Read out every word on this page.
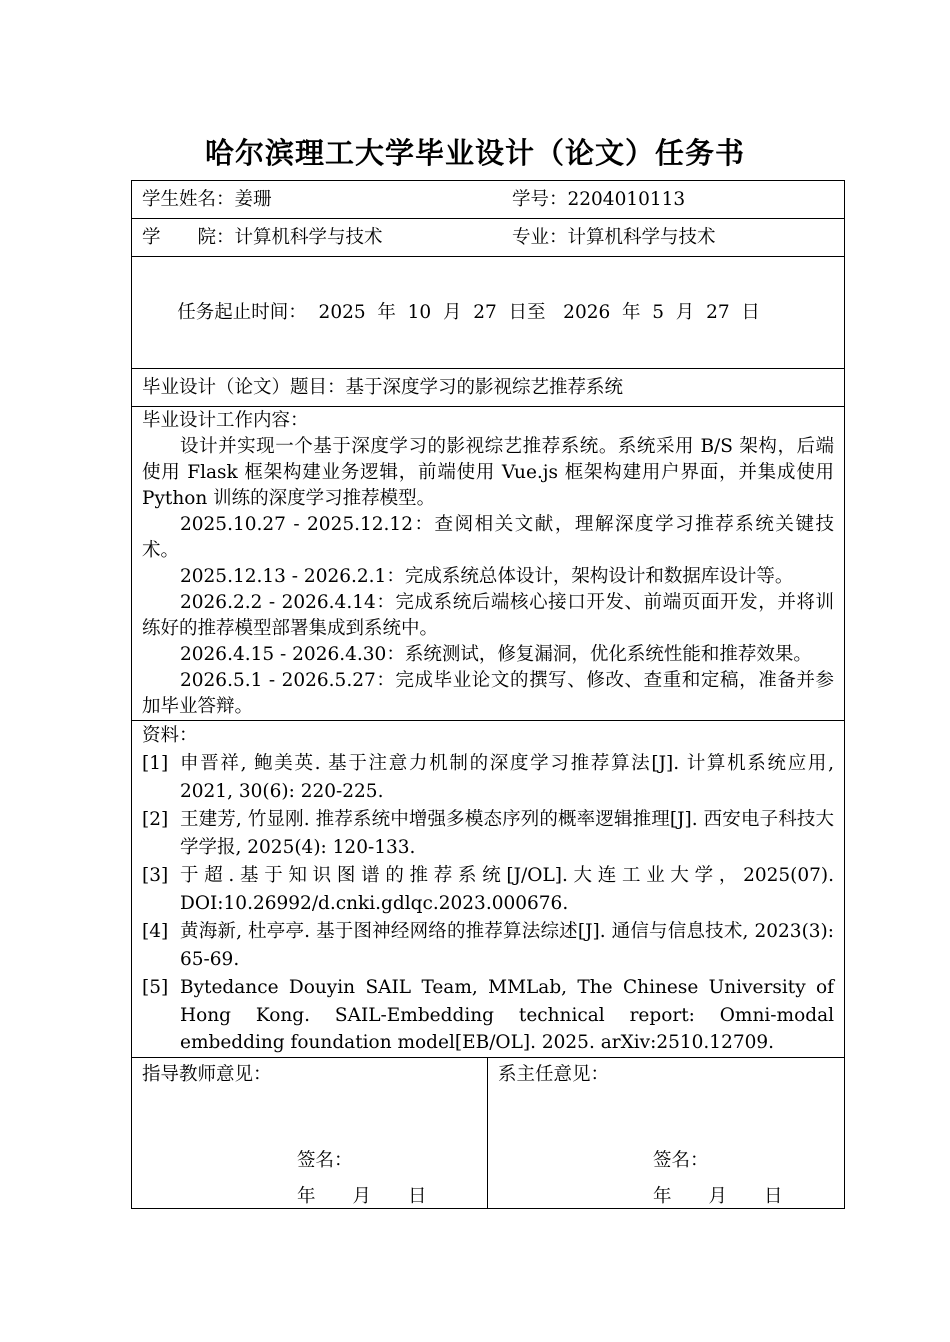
哈尔滨理工大学毕业设计（论文）任务书
学生姓名：姜珊	学号：2204010113
学　　院：计算机科学与技术	专业：计算机科学与技术

任务起止时间：  2025  年  10  月  27  日至   2026  年  5  月  27  日

毕业设计（论文）题目：基于深度学习的影视综艺推荐系统

毕业设计工作内容：
设计并实现一个基于深度学习的影视综艺推荐系统。系统采用 B/S 架构，后端使用 Flask 框架构建业务逻辑，前端使用 Vue.js 框架构建用户界面，并集成使用 Python 训练的深度学习推荐模型。
2025.10.27 - 2025.12.12：查阅相关文献，理解深度学习推荐系统关键技术。
2025.12.13 - 2026.2.1：完成系统总体设计，架构设计和数据库设计等。
2026.2.2 - 2026.4.14：完成系统后端核心接口开发、前端页面开发，并将训练好的推荐模型部署集成到系统中。
2026.4.15 - 2026.4.30：系统测试，修复漏洞，优化系统性能和推荐效果。
2026.5.1 - 2026.5.27：完成毕业论文的撰写、修改、查重和定稿，准备并参加毕业答辩。

资料：
[1] 申晋祥, 鲍美英. 基于注意力机制的深度学习推荐算法[J]. 计算机系统应用, 2021, 30(6): 220-225.
[2] 王建芳, 竹显刚. 推荐系统中增强多模态序列的概率逻辑推理[J]. 西安电子科技大学学报, 2025(4): 120-133.
[3] 于超.基于知识图谱的推荐系统[J/OL].大连工业大学，2025(07). DOI:10.26992/d.cnki.gdlqc.2023.000676.
[4] 黄海新, 杜亭亭. 基于图神经网络的推荐算法综述[J]. 通信与信息技术, 2023(3): 65-69.
[5] Bytedance Douyin SAIL Team, MMLab, The Chinese University of Hong Kong. SAIL-Embedding technical report: Omni-modal embedding foundation model[EB/OL]. 2025. arXiv:2510.12709.

指导教师意见：
签名：
年　　月　　日

系主任意见：
签名：
年　　月　　日
